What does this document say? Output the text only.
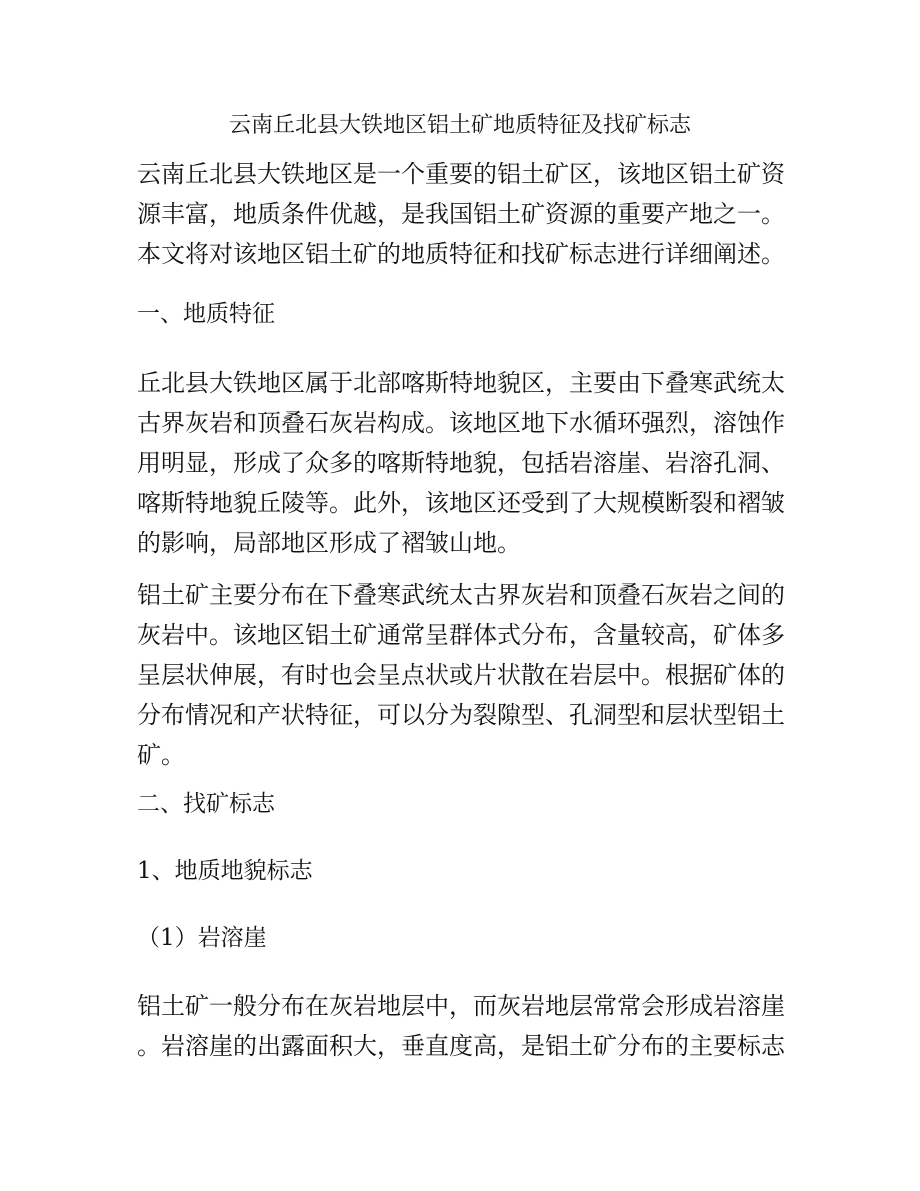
云南丘北县大铁地区铝土矿地质特征及找矿标志
云南丘北县大铁地区是一个重要的铝土矿区，该地区铝土矿资
源丰富，地质条件优越，是我国铝土矿资源的重要产地之一。
本文将对该地区铝土矿的地质特征和找矿标志进行详细阐述。
一、地质特征
丘北县大铁地区属于北部喀斯特地貌区，主要由下叠寒武统太
古界灰岩和顶叠石灰岩构成。该地区地下水循环强烈，溶蚀作
用明显，形成了众多的喀斯特地貌，包括岩溶崖、岩溶孔洞、
喀斯特地貌丘陵等。此外，该地区还受到了大规模断裂和褶皱
的影响，局部地区形成了褶皱山地。
铝土矿主要分布在下叠寒武统太古界灰岩和顶叠石灰岩之间的
灰岩中。该地区铝土矿通常呈群体式分布，含量较高，矿体多
呈层状伸展，有时也会呈点状或片状散在岩层中。根据矿体的
分布情况和产状特征，可以分为裂隙型、孔洞型和层状型铝土
矿。
二、找矿标志
1、地质地貌标志
（1）岩溶崖
铝土矿一般分布在灰岩地层中，而灰岩地层常常会形成岩溶崖
。岩溶崖的出露面积大，垂直度高，是铝土矿分布的主要标志
